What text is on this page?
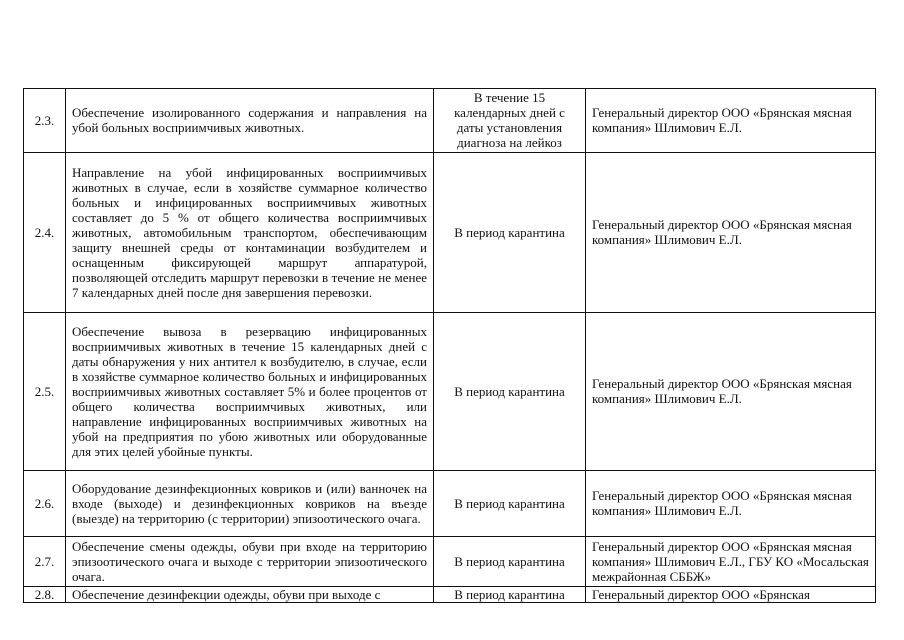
2.3.	Обеспечение изолированного содержания и направления на убой больных восприимчивых животных.	В течение 15 календарных дней с даты установления диагноза на лейкоз	Генеральный директор ООО «Брянская мясная компания» Шлимович Е.Л.
2.4.	Направление на убой инфицированных восприимчивых животных в случае, если в хозяйстве суммарное количество больных и инфицированных восприимчивых животных составляет до 5 % от общего количества восприимчивых животных, автомобильным транспортом, обеспечивающим защиту внешней среды от контаминации возбудителем и оснащенным фиксирующей маршрут аппаратурой, позволяющей отследить маршрут перевозки в течение не менее 7 календарных дней после дня завершения перевозки.	В период карантина	Генеральный директор ООО «Брянская мясная компания» Шлимович Е.Л.
2.5.	Обеспечение вывоза в резервацию инфицированных восприимчивых животных в течение 15 календарных дней с даты обнаружения у них антител к возбудителю, в случае, если в хозяйстве суммарное количество больных и инфицированных восприимчивых животных составляет 5% и более процентов от общего количества восприимчивых животных, или направление инфицированных восприимчивых животных на убой на предприятия по убою животных или оборудованные для этих целей убойные пункты.	В период карантина	Генеральный директор ООО «Брянская мясная компания» Шлимович Е.Л.
2.6.	Оборудование дезинфекционных ковриков и (или) ванночек на входе (выходе) и дезинфекционных ковриков на въезде (выезде) на территорию (с территории) эпизоотического очага.	В период карантина	Генеральный директор ООО «Брянская мясная компания» Шлимович Е.Л.
2.7.	Обеспечение смены одежды, обуви при входе на территорию эпизоотического очага и выходе с территории эпизоотического очага.	В период карантина	Генеральный директор ООО «Брянская мясная компания» Шлимович Е.Л., ГБУ КО «Мосальская межрайонная СББЖ»
2.8.	Обеспечение дезинфекции одежды, обуви при выходе с	В период карантина	Генеральный директор ООО «Брянская
